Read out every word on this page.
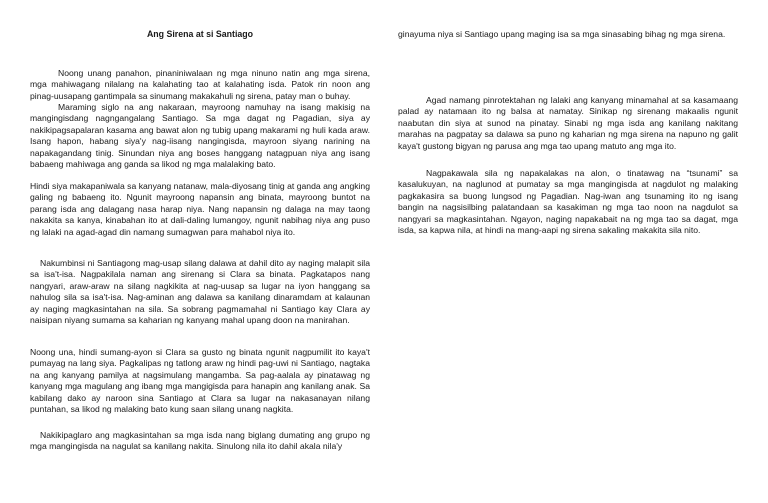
Ang Sirena at si Santiago

Noong unang panahon, pinaniniwalaan ng mga ninuno natin ang mga sirena, mga mahiwagang nilalang na kalahating tao at kalahating isda. Patok rin noon ang pinag-uusapang gantimpala sa sinumang makakahuli ng sirena, patay man o buhay.

Maraming siglo na ang nakaraan, mayroong namuhay na isang makisig na mangingisdang nagngangalang Santiago. Sa mga dagat ng Pagadian, siya ay nakikipagsapalaran kasama ang bawat alon ng tubig upang makarami ng huli kada araw. Isang hapon, habang siya'y nag-iisang nangingisda, mayroon siyang narining na napakagandang tinig. Sinundan niya ang boses hanggang natagpuan niya ang isang babaeng mahiwaga ang ganda sa likod ng mga malalaking bato.

Hindi siya makapaniwala sa kanyang natanaw, mala-diyosang tinig at ganda ang angking galing ng babaeng ito. Ngunit mayroong napansin ang binata, mayroong buntot na parang isda ang dalagang nasa harap niya. Nang napansin ng dalaga na may taong nakakita sa kanya, kinabahan ito at dali-daling lumangoy, ngunit nabihag niya ang puso ng lalaki na agad-agad din namang sumagwan para mahabol niya ito.

Nakumbinsi ni Santiagong mag-usap silang dalawa at dahil dito ay naging malapit sila sa isa't-isa. Nagpakilala naman ang sirenang si Clara sa binata. Pagkatapos nang nangyari, araw-araw na silang nagkikita at nag-uusap sa lugar na iyon hanggang sa nahulog sila sa isa't-isa. Nag-aminan ang dalawa sa kanilang dinaramdam at kalaunan ay naging magkasintahan na sila. Sa sobrang pagmamahal ni Santiago kay Clara ay naisipan niyang sumama sa kaharian ng kanyang mahal upang doon na manirahan.

Noong una, hindi sumang-ayon si Clara sa gusto ng binata ngunit nagpumilit ito kaya't pumayag na lang siya. Pagkalipas ng tatlong araw ng hindi pag-uwi ni Santiago, nagtaka na ang kanyang pamilya at nagsimulang mangamba. Sa pag-aalala ay pinatawag ng kanyang mga magulang ang ibang mga mangigisda para hanapin ang kanilang anak. Sa kabilang dako ay naroon sina Santiago at Clara sa lugar na nakasanayan nilang puntahan, sa likod ng malaking bato kung saan silang unang nagkita.

Nakikipaglaro ang magkasintahan sa mga isda nang biglang dumating ang grupo ng mga mangingisda na nagulat sa kanilang nakita. Sinulong nila ito dahil akala nila'y

ginayuma niya si Santiago upang maging isa sa mga sinasabing bihag ng mga sirena.

Agad namang pinrotektahan ng lalaki ang kanyang minamahal at sa kasamaang palad ay natamaan ito ng balsa at namatay. Sinikap ng sirenang makaalis ngunit naabutan din siya at sunod na pinatay. Sinabi ng mga isda ang kanilang nakitang marahas na pagpatay sa dalawa sa puno ng kaharian ng mga sirena na napuno ng galit kaya't gustong bigyan ng parusa ang mga tao upang matuto ang mga ito.

Nagpakawala sila ng napakalakas na alon, o tinatawag na “tsunami” sa kasalukuyan, na naglunod at pumatay sa mga mangingisda at nagdulot ng malaking pagkakasira sa buong lungsod ng Pagadian. Nag-iwan ang tsunaming ito ng isang bangin na nagsisilbing palatandaan sa kasakiman ng mga tao noon na nagdulot sa nangyari sa magkasintahan. Ngayon, naging napakabait na ng mga tao sa dagat, mga isda, sa kapwa nila, at hindi na mang-aapi ng sirena sakaling makakita sila nito.
